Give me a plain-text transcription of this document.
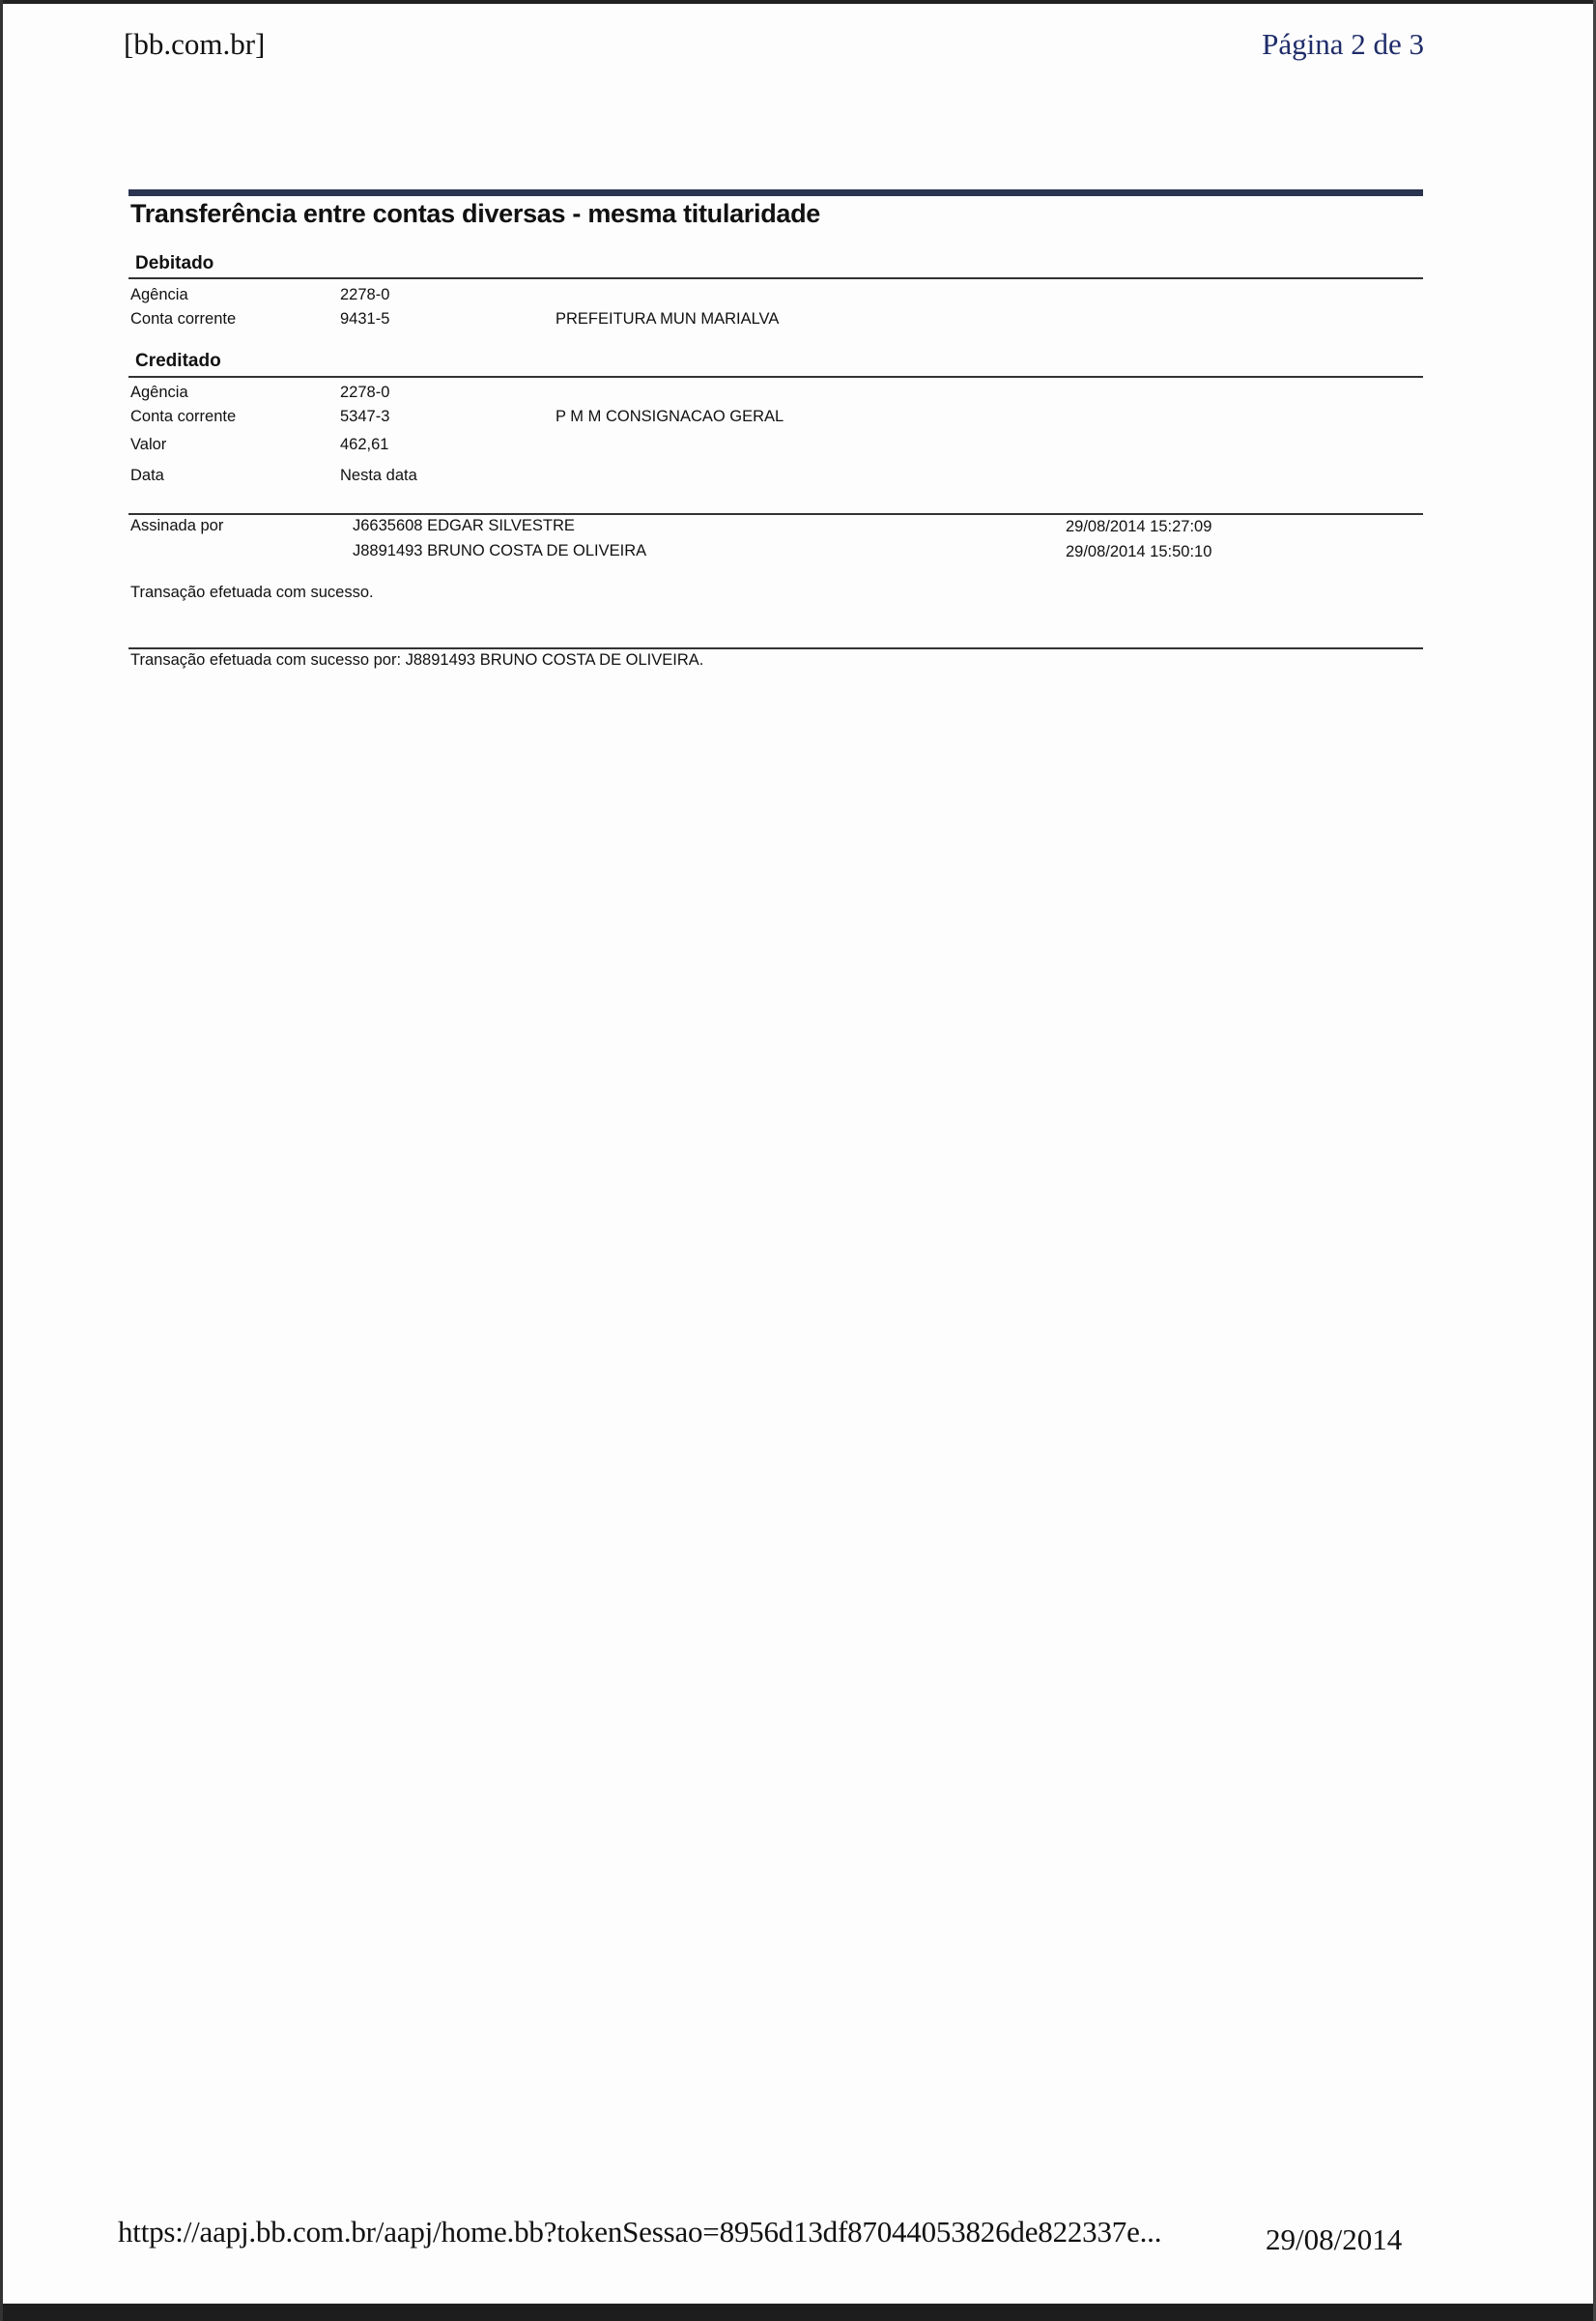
[bb.com.br]	Página 2 de 3
Transferência entre contas diversas - mesma titularidade
Debitado
Agência	2278-0
Conta corrente	9431-5	PREFEITURA MUN MARIALVA
Creditado
Agência	2278-0
Conta corrente	5347-3	P M M CONSIGNACAO GERAL
Valor	462,61
Data	Nesta data
Assinada por	J6635608 EDGAR SILVESTRE	29/08/2014 15:27:09
J8891493 BRUNO COSTA DE OLIVEIRA	29/08/2014 15:50:10
Transação efetuada com sucesso.
Transação efetuada com sucesso por: J8891493 BRUNO COSTA DE OLIVEIRA.
https://aapj.bb.com.br/aapj/home.bb?tokenSessao=8956d13df87044053826de822337e...	29/08/2014
